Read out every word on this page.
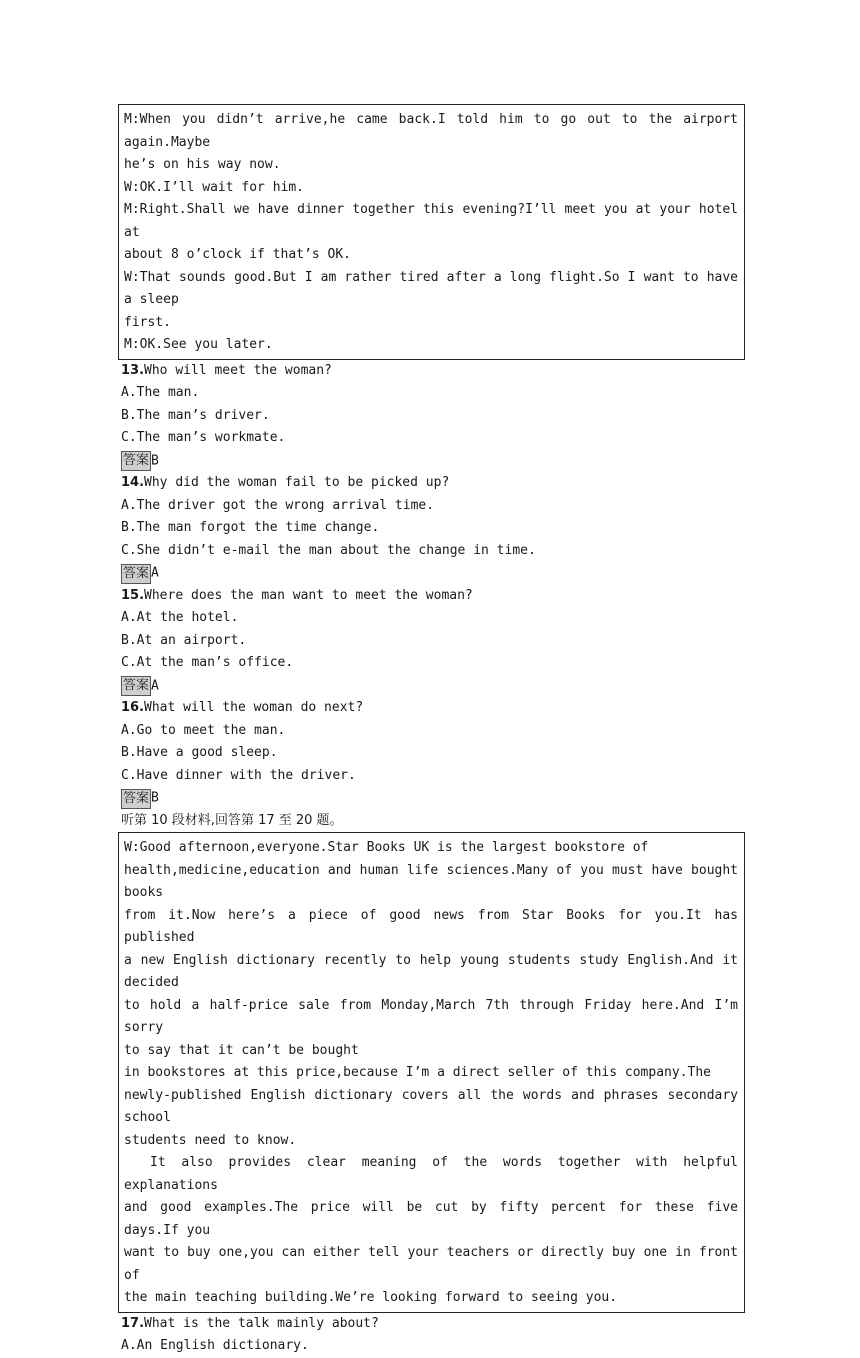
M:When you didn’t arrive,he came back.I told him to go out to the airport again.Maybe
he’s on his way now.
W:OK.I’ll wait for him.
M:Right.Shall we have dinner together this evening?I’ll meet you at your hotel at
about 8 o’clock if that’s OK.
W:That sounds good.But I am rather tired after a long flight.So I want to have a sleep
first.
M:OK.See you later.
13.Who will meet the woman?
A.The man.
B.The man’s driver.
C.The man’s workmate.
答案 B
14.Why did the woman fail to be picked up?
A.The driver got the wrong arrival time.
B.The man forgot the time change.
C.She didn’t e-mail the man about the change in time.
答案 A
15.Where does the man want to meet the woman?
A.At the hotel.
B.At an airport.
C.At the man’s office.
答案 A
16.What will the woman do next?
A.Go to meet the man.
B.Have a good sleep.
C.Have dinner with the driver.
答案 B
听第 10 段材料,回答第 17 至 20 题。
W:Good afternoon,everyone.Star Books UK is the largest bookstore of
health,medicine,education and human life sciences.Many of you must have bought books
from it.Now here’s a piece of good news from Star Books for you.It has published
a new English dictionary recently to help young students study English.And it decided
to hold a half-price sale from Monday,March 7th through Friday here.And I’m sorry
to say that it can’t be bought
in bookstores at this price,because I’m a direct seller of this company.The
newly-published English dictionary covers all the words and phrases secondary school
students need to know.
It also provides clear meaning of the words together with helpful explanations
and good examples.The price will be cut by fifty percent for these five days.If you
want to buy one,you can either tell your teachers or directly buy one in front of
the main teaching building.We’re looking forward to seeing you.
17.What is the talk mainly about?
A.An English dictionary.
